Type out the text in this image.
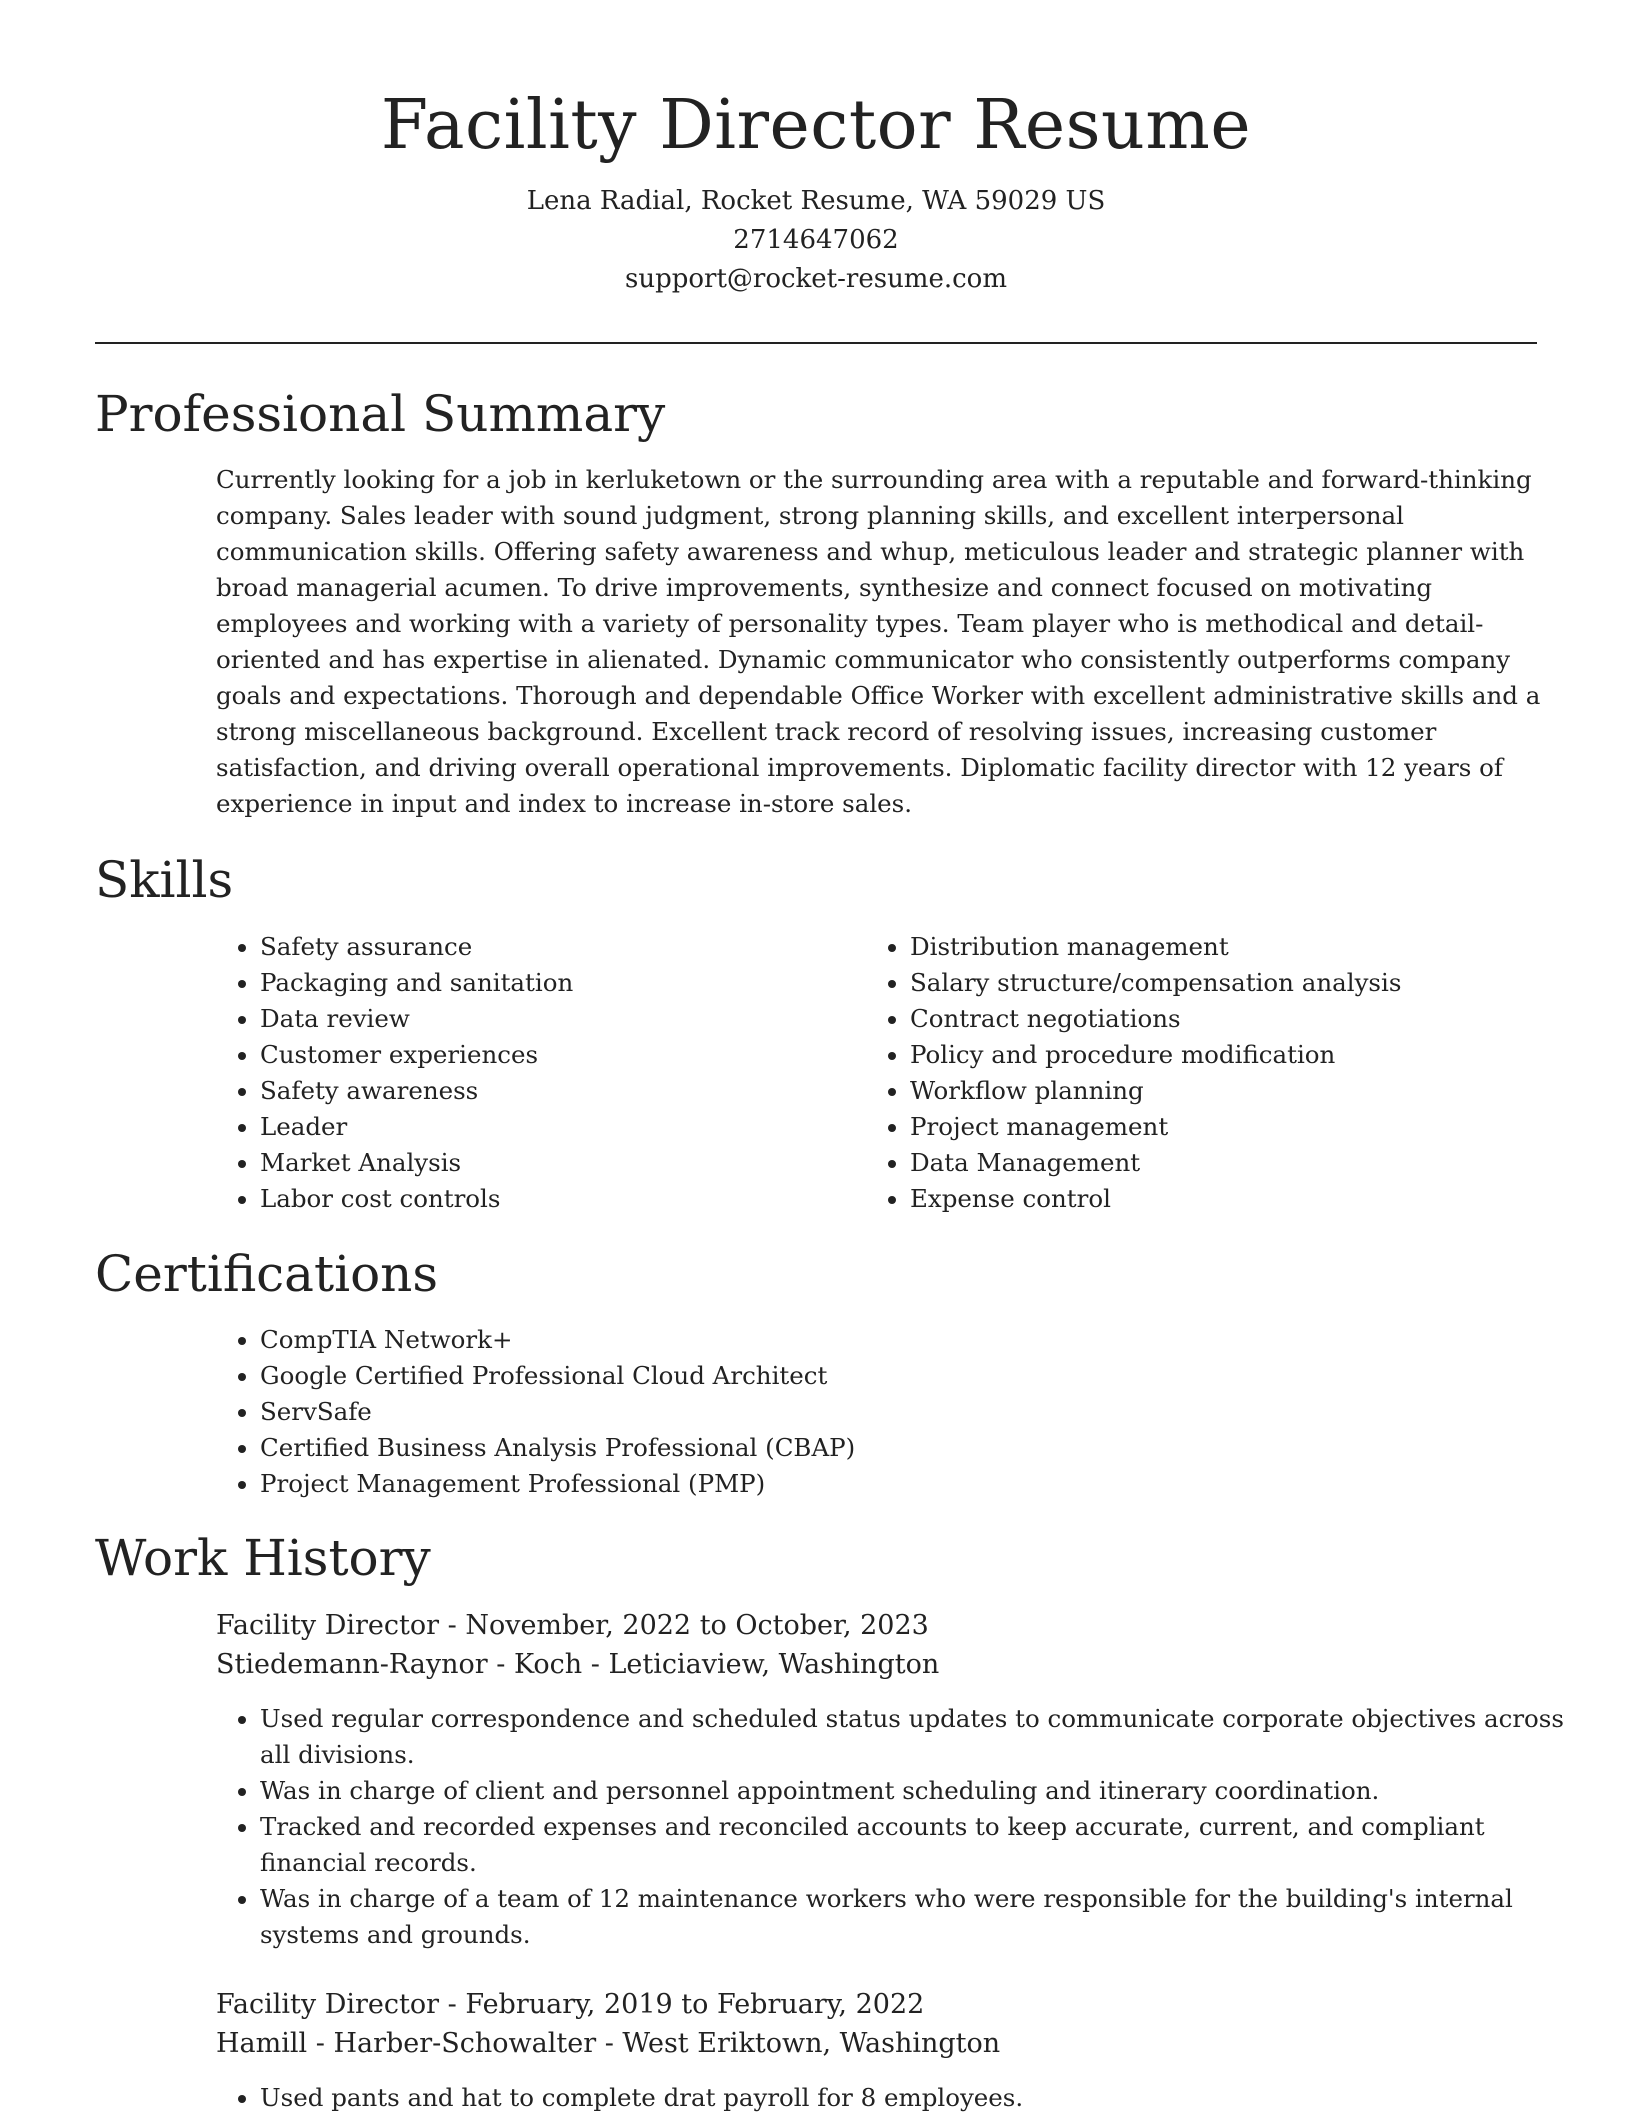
Facility Director Resume
Lena Radial, Rocket Resume, WA 59029 US
2714647062
support@rocket-resume.com
Professional Summary

Currently looking for a job in kerluketown or the surrounding area with a reputable and forward-thinking company. Sales leader with sound judgment, strong planning skills, and excellent interpersonal communication skills. Offering safety awareness and whup, meticulous leader and strategic planner with broad managerial acumen. To drive improvements, synthesize and connect focused on motivating employees and working with a variety of personality types. Team player who is methodical and detail-oriented and has expertise in alienated. Dynamic communicator who consistently outperforms company goals and expectations. Thorough and dependable Office Worker with excellent administrative skills and a strong miscellaneous background. Excellent track record of resolving issues, increasing customer satisfaction, and driving overall operational improvements. Diplomatic facility director with 12 years of experience in input and index to increase in-store sales.

Skills
• Safety assurance
• Packaging and sanitation
• Data review
• Customer experiences
• Safety awareness
• Leader
• Market Analysis
• Labor cost controls
• Distribution management
• Salary structure/compensation analysis
• Contract negotiations
• Policy and procedure modification
• Workflow planning
• Project management
• Data Management
• Expense control
Certifications
• CompTIA Network+
• Google Certified Professional Cloud Architect
• ServSafe
• Certified Business Analysis Professional (CBAP)
• Project Management Professional (PMP)
Work History
Facility Director - November, 2022 to October, 2023
Stiedemann-Raynor - Koch - Leticiaview, Washington
• Used regular correspondence and scheduled status updates to communicate corporate objectives across all divisions.
• Was in charge of client and personnel appointment scheduling and itinerary coordination.
• Tracked and recorded expenses and reconciled accounts to keep accurate, current, and compliant financial records.
• Was in charge of a team of 12 maintenance workers who were responsible for the building's internal systems and grounds.
Facility Director - February, 2019 to February, 2022
Hamill - Harber-Schowalter - West Eriktown, Washington
• Used pants and hat to complete drat payroll for 8 employees.
